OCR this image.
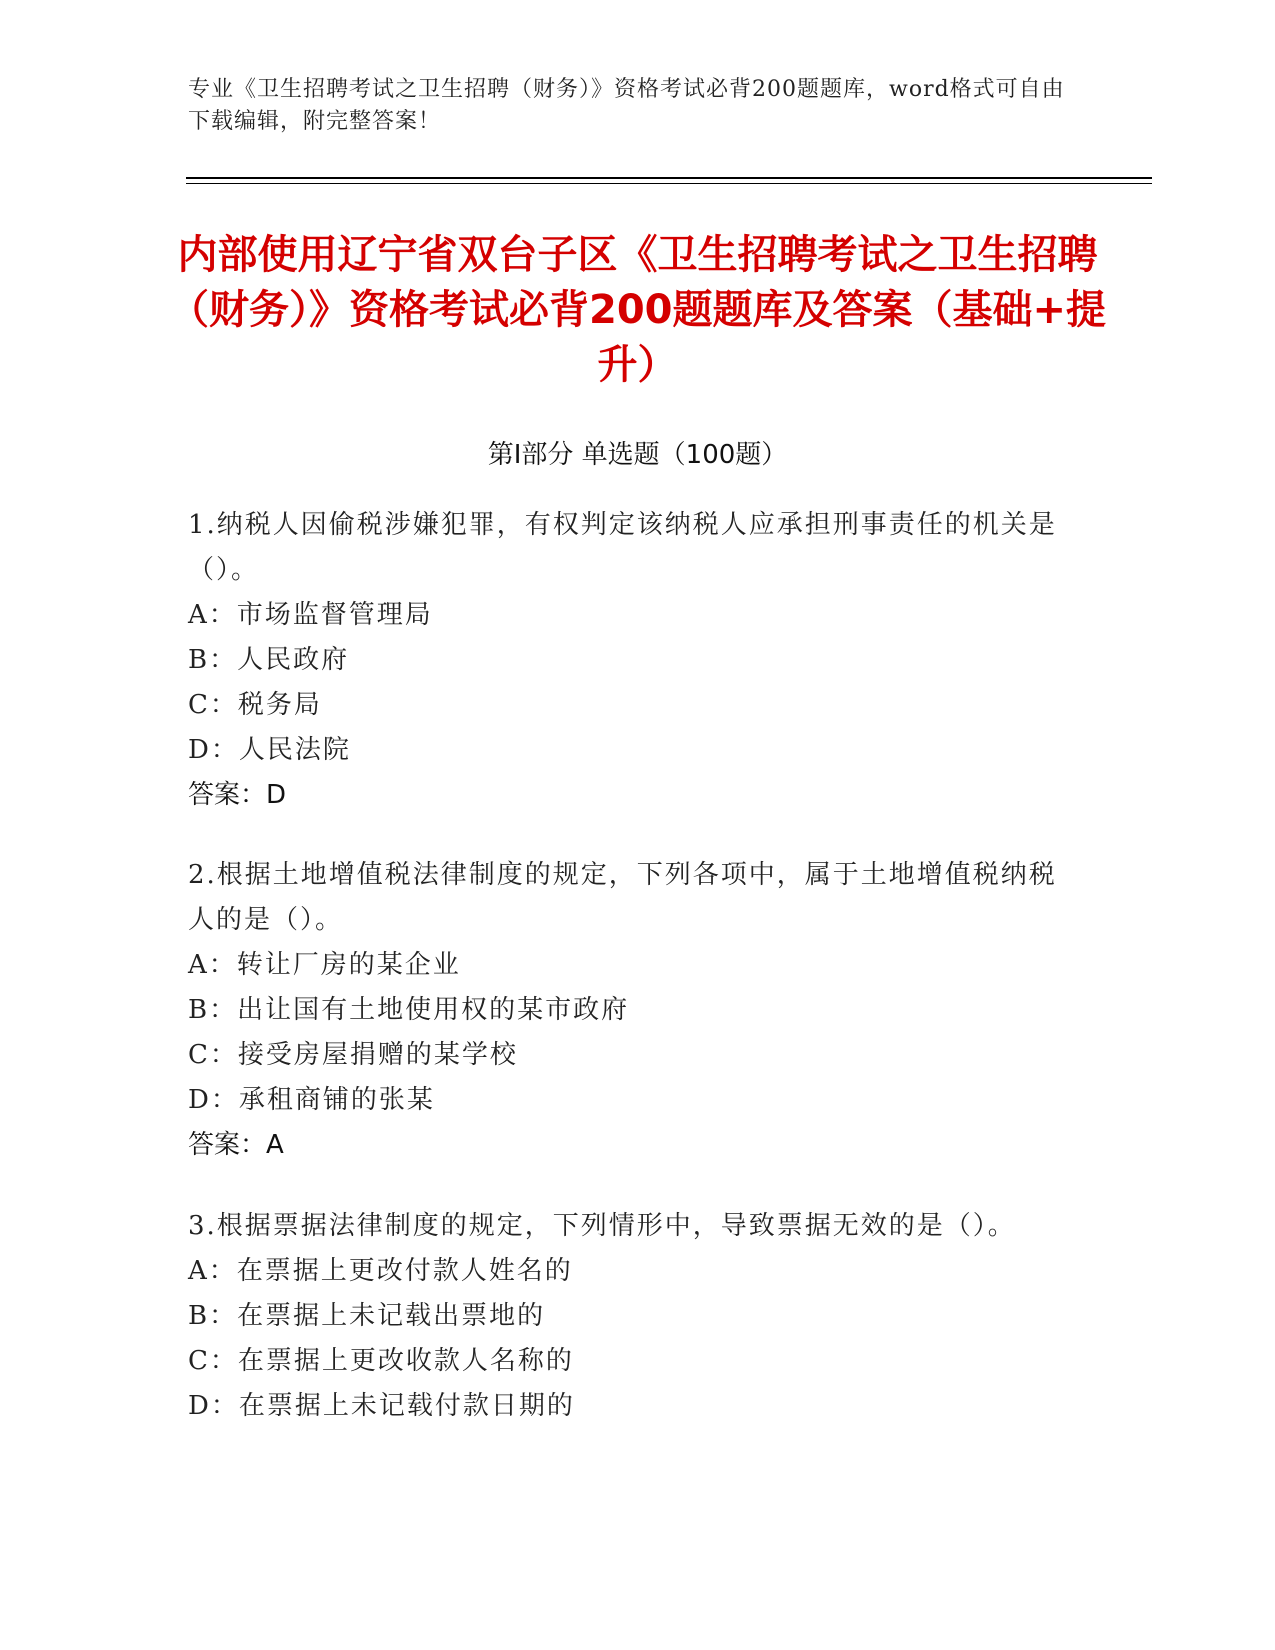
专业《卫生招聘考试之卫生招聘（财务）》资格考试必背200题题库，word格式可自由下载编辑，附完整答案！
内部使用辽宁省双台子区《卫生招聘考试之卫生招聘（财务）》资格考试必背200题题库及答案（基础+提升）
第Ⅰ部分 单选题（100题）
1.纳税人因偷税涉嫌犯罪，有权判定该纳税人应承担刑事责任的机关是（）。
A：市场监督管理局
B：人民政府
C：税务局
D：人民法院
答案：D
2.根据土地增值税法律制度的规定，下列各项中，属于土地增值税纳税人的是（）。
A：转让厂房的某企业
B：出让国有土地使用权的某市政府
C：接受房屋捐赠的某学校
D：承租商铺的张某
答案：A
3.根据票据法律制度的规定，下列情形中，导致票据无效的是（）。
A：在票据上更改付款人姓名的
B：在票据上未记载出票地的
C：在票据上更改收款人名称的
D：在票据上未记载付款日期的
